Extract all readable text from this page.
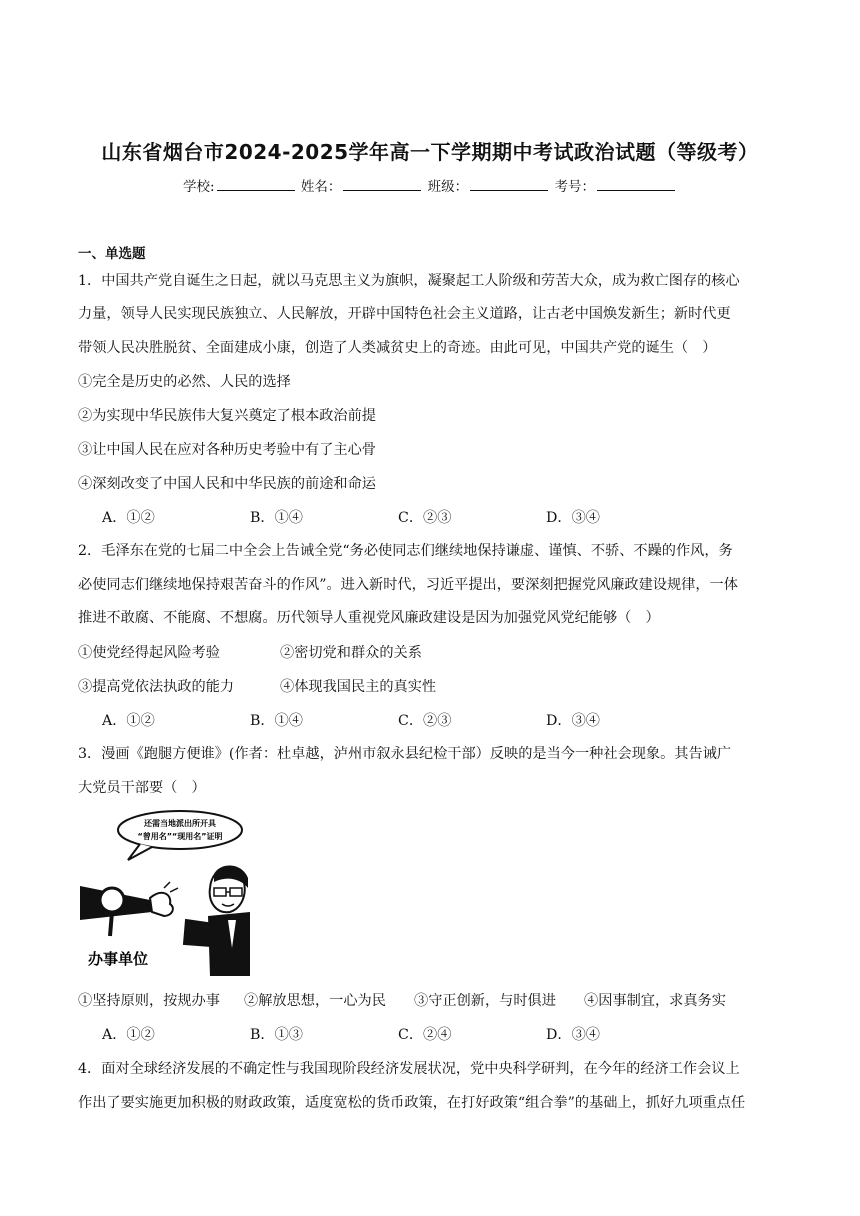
山东省烟台市2024-2025学年高一下学期期中考试政治试题（等级考）
学校:	姓名：	班级：	考号：
一、单选题
1．中国共产党自诞生之日起，就以马克思主义为旗帜，凝聚起工人阶级和劳苦大众，成为救亡图存的核心
力量，领导人民实现民族独立、人民解放，开辟中国特色社会主义道路，让古老中国焕发新生；新时代更
带领人民决胜脱贫、全面建成小康，创造了人类减贫史上的奇迹。由此可见，中国共产党的诞生（　）
①完全是历史的必然、人民的选择
②为实现中华民族伟大复兴奠定了根本政治前提
③让中国人民在应对各种历史考验中有了主心骨
④深刻改变了中国人民和中华民族的前途和命运
A．①②	B．①④	C．②③	D．③④
2．毛泽东在党的七届二中全会上告诫全党“务必使同志们继续地保持谦虚、谨慎、不骄、不躁的作风，务
必使同志们继续地保持艰苦奋斗的作风”。进入新时代，习近平提出，要深刻把握党风廉政建设规律，一体
推进不敢腐、不能腐、不想腐。历代领导人重视党风廉政建设是因为加强党风党纪能够（　）
①使党经得起风险考验	②密切党和群众的关系
③提高党依法执政的能力	④体现我国民主的真实性
A．①②	B．①④	C．②③	D．③④
3．漫画《跑腿方便谁》(作者：杜卓越，泸州市叙永县纪检干部）反映的是当今一种社会现象。其告诫广
大党员干部要（　）
还需当地派出所开具
“曾用名”“现用名”证明
办事单位
①坚持原则，按规办事 ②解放思想，一心为民 ③守正创新，与时俱进 ④因事制宜，求真务实
A．①②	B．①③	C．②④	D．③④
4．面对全球经济发展的不确定性与我国现阶段经济发展状况，党中央科学研判，在今年的经济工作会议上
作出了要实施更加积极的财政政策，适度宽松的货币政策，在打好政策“组合拳”的基础上，抓好九项重点任
